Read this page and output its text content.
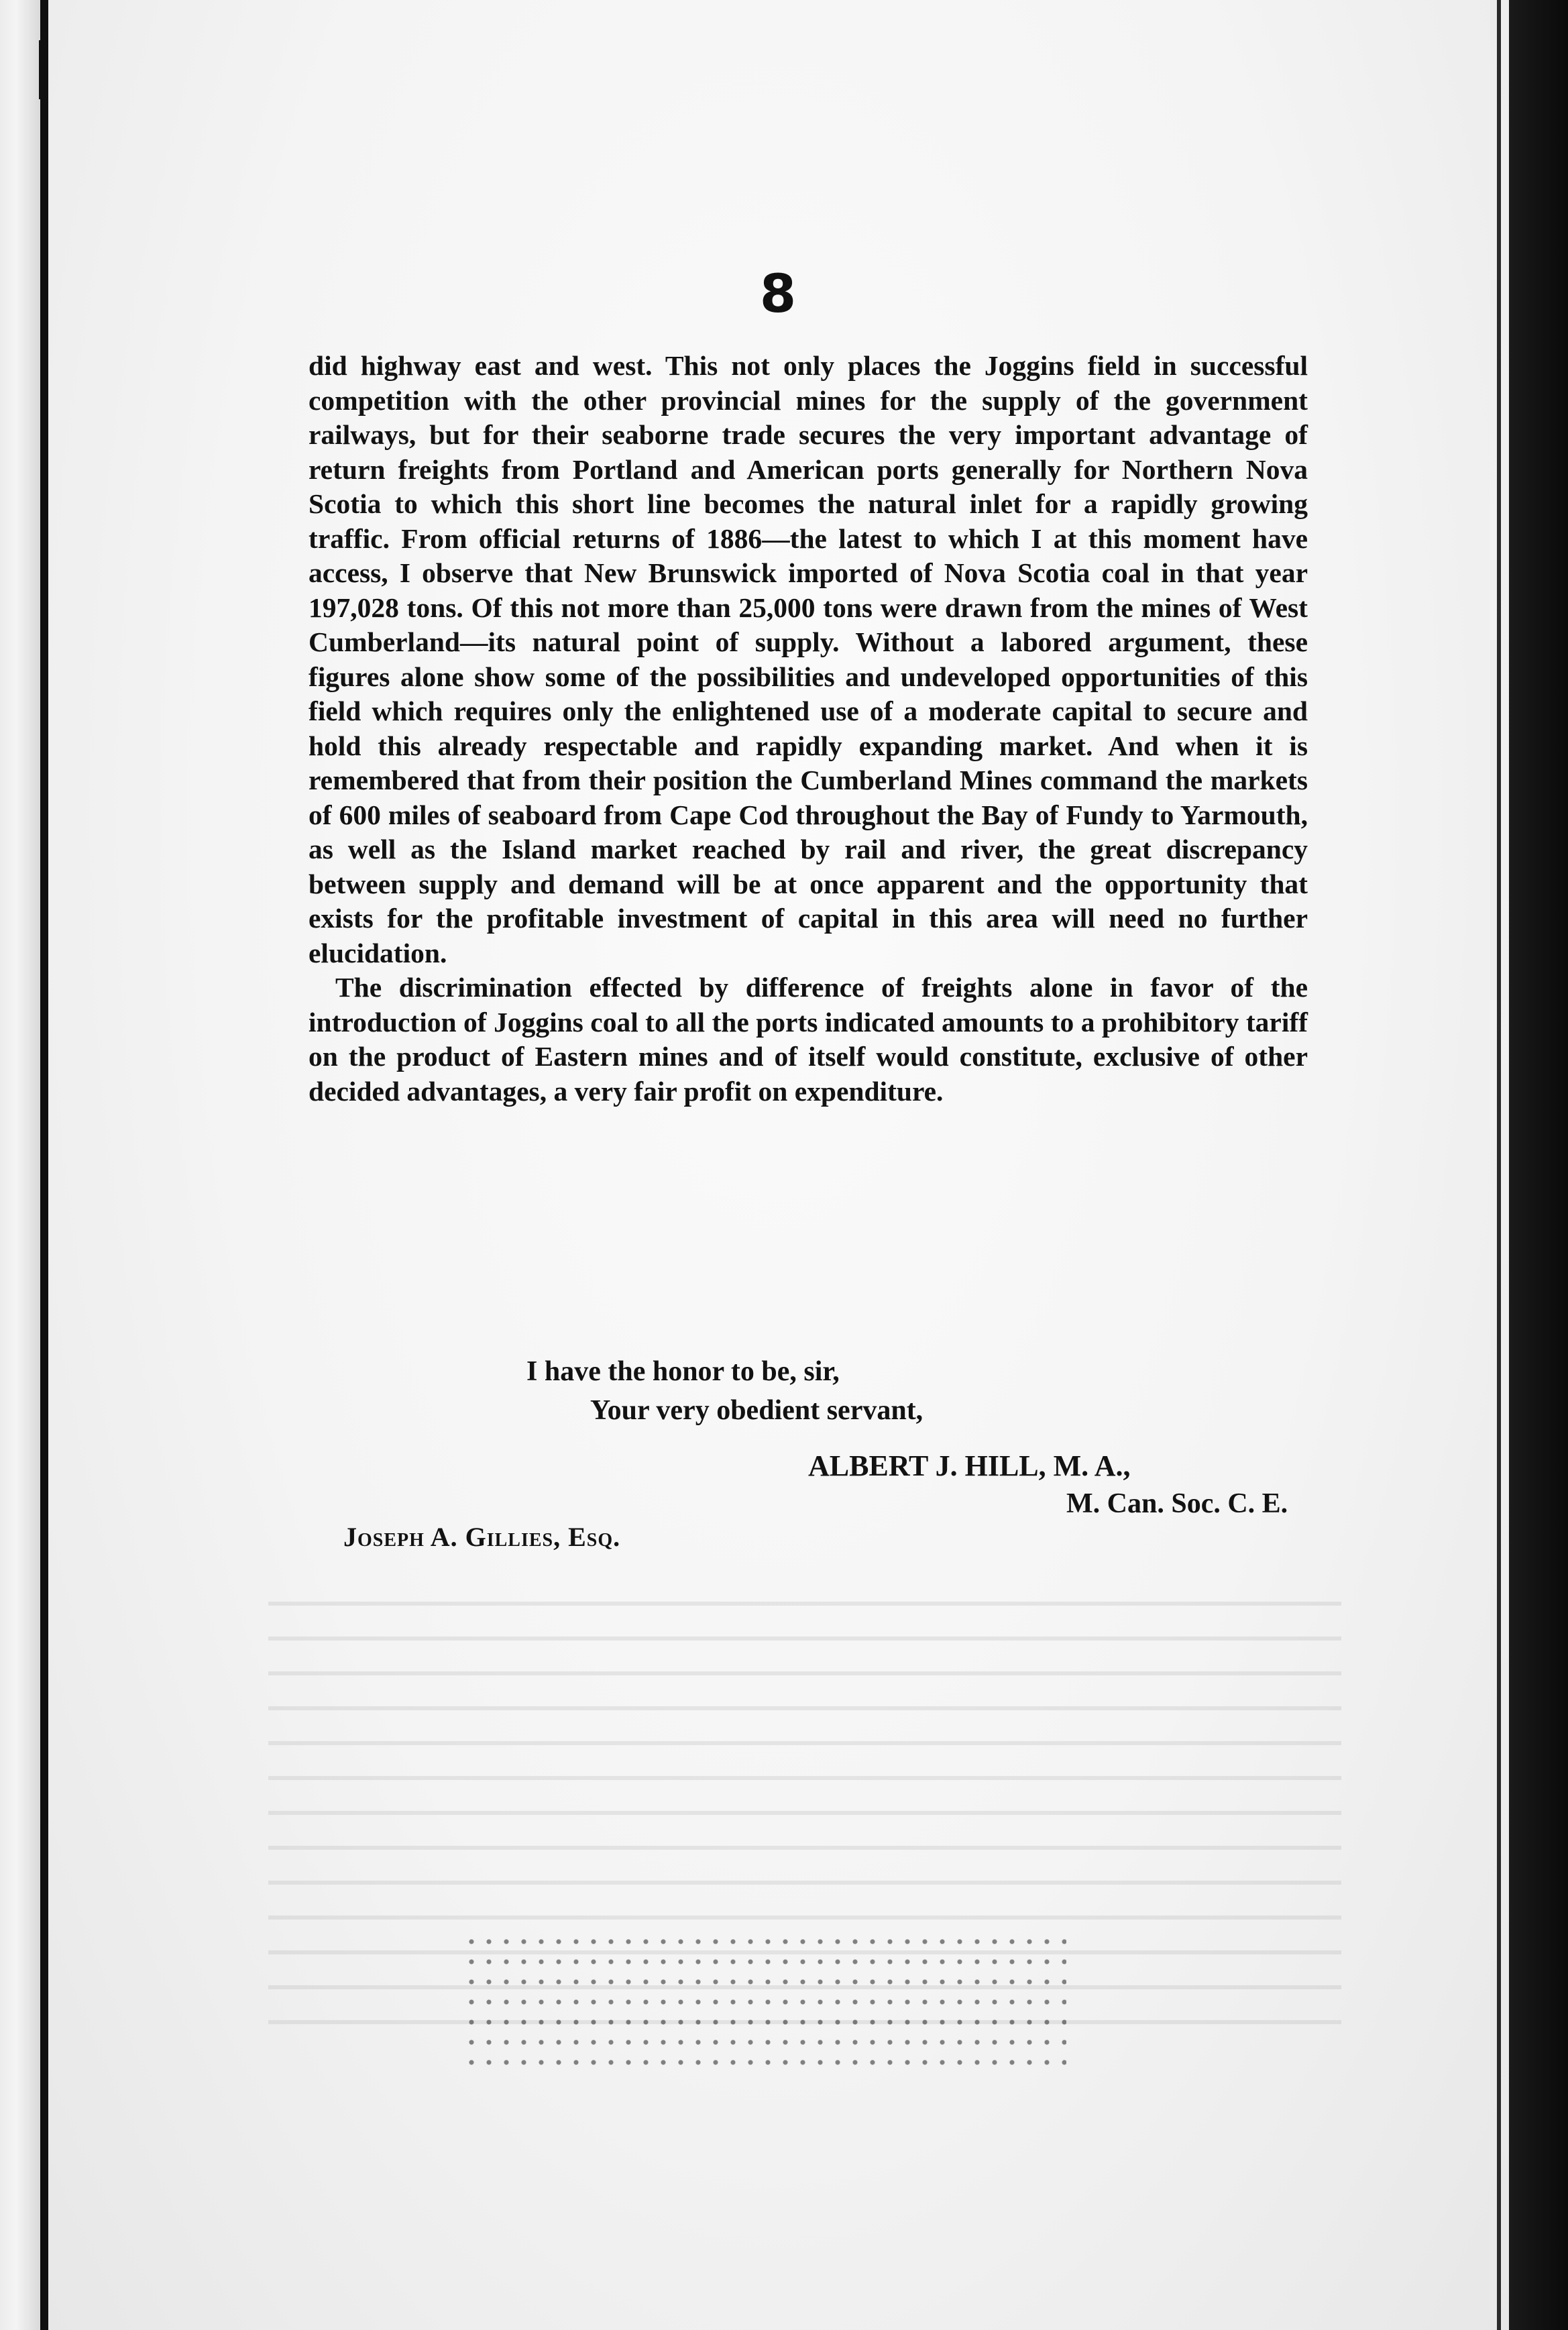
8

did highway east and west. This not only places the Joggins field in successful competition with the other provincial mines for the supply of the government railways, but for their seaborne trade secures the very important advantage of return freights from Portland and American ports generally for Northern Nova Scotia to which this short line becomes the natural inlet for a rapidly growing traffic. From official returns of 1886—the latest to which I at this moment have access, I observe that New Brunswick imported of Nova Scotia coal in that year 197,028 tons. Of this not more than 25,000 tons were drawn from the mines of West Cumberland—its natural point of supply. Without a labored argument, these figures alone show some of the possibilities and undeveloped opportunities of this field which requires only the enlightened use of a moderate capital to secure and hold this already respectable and rapidly expanding market. And when it is remembered that from their position the Cumberland Mines command the markets of 600 miles of seaboard from Cape Cod throughout the Bay of Fundy to Yarmouth, as well as the Island market reached by rail and river, the great discrepancy between supply and demand will be at once apparent and the opportunity that exists for the profitable investment of capital in this area will need no further elucidation.

The discrimination effected by difference of freights alone in favor of the introduction of Joggins coal to all the ports indicated amounts to a prohibitory tariff on the product of Eastern mines and of itself would constitute, exclusive of other decided advantages, a very fair profit on expenditure.

I have the honor to be, sir,
Your very obedient servant,
ALBERT J. HILL, M. A.,
M. Can. Soc. C. E.
Joseph A. Gillies, Esq.
